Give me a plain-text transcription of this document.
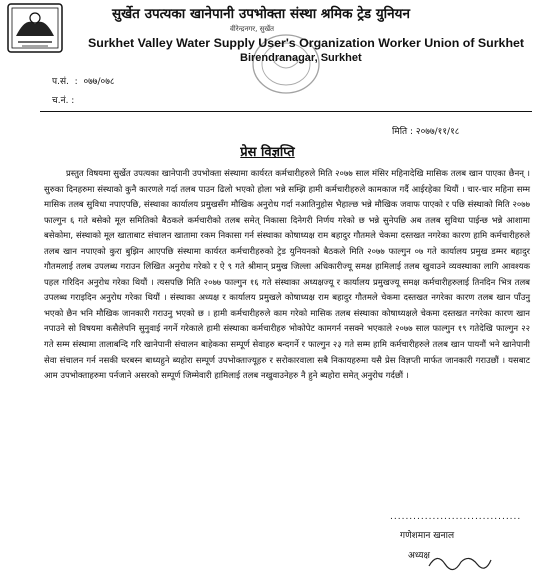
सुर्खेत उपत्यका खानेपानी उपभोक्ता संस्था श्रमिक ट्रेड युनियन
वीरेन्द्रनगर, सुर्खेत
Surkhet Valley Water Supply User's Organization Worker Union of Surkhet
Birendranagar, Surkhet
प.सं.  :  ०७७/०७८
च.नं. :
मिति : २०७७/११/१८
प्रेस विज्ञप्ति

प्रस्तुत विषयमा सुर्खेत उपत्यका खानेपानी उपभोक्ता संस्थामा कार्यरत कर्मचारीहरुले मिति २०७७ साल मंसिर महिनादेखि मासिक तलब खान पाएका छैनन् । सुरुका दिनहरुमा संस्थाको कुनै कारणले गर्दा तलब पाउन ढिलो भएको होला भन्ने सम्झि हामी कर्मचारीहरुले कामकाज गर्दै आईरहेका थियौं । चार-चार महिना सम्म मासिक तलब सुविधा नपाएपछि, संस्थाका कार्यालय प्रमुखसँग मौखिक अनुरोध गर्दा नआतिनुहोस भैहाल्छ भन्ने मौखिक जवाफ पाएको र पछि संस्थाको मिति २०७७ फाल्गुन ६ गते बसेको मूल समितिको बैठकले कर्मचारीको तलब समेत् निकासा दिनेगरी निर्णय गरेको छ भन्ने सुनेपछि अब तलब सुविधा पाईन्छ भन्ने आशामा बसेकोमा, संस्थाको मूल खाताबाट संचालन खातामा रकम निकासा गर्न संस्थाका कोषाध्यक्ष राम बहादुर गौतमले चेकमा दस्तखत नगरेका कारण हामि कर्मचारीहरुले तलब खान नपाएको कुरा बुझिन आएपछि संस्थामा कार्यरत कर्मचारीहरुको ट्रेड युनियनको बैठकले मिति २०७७ फाल्गुन ०७ गते कार्यालय प्रमुख डम्मर बहादुर गौतमलाई तलब उपलब्ध गराउन लिखित अनुरोध गरेको र ऐ ९ गते श्रीमान् प्रमुख जिल्ला अधिकारीज्यू समक्ष हामिलाई तलब खुवाउने व्यवस्थाका लागि आवश्यक पहल गरिदिन अनुरोध गरेका थियौं । त्यसपछि मिति २०७७ फाल्गुन १६ गते संस्थाका अध्यक्षज्यू र कार्यालय प्रमुखज्यू समक्ष कर्मचारीहरुलाई तिनदिन भित्र तलब उपलब्ध गराइदिन अनुरोध गरेका थियौं । संस्थाका अध्यक्ष र कार्यालय प्रमुखले कोषाध्यक्ष राम बहादुर गौतमले चेकमा दस्तखत नगरेका कारण तलब खान पाँउनु भएको छैन भनि मौखिक जानकारी गराउनु भएको छ । हामी कर्मचारीहरुले काम गरेको मासिक तलब संस्थाका कोषाध्यक्षले चेकमा दस्तखत नगरेका कारण खान नपाउने सो विषयमा कसैलेपनि सुनुवाई नगर्ने गरेकाले हामी संस्थाका कर्मचारीहरु भोकोपेट कामगर्न नसक्ने भएकाले २०७७ साल फाल्गुन १९ गतेदेखि फाल्गुन २२ गते सम्म संस्थामा तालाबन्दि गरि खानेपानी संचालन बाहेकका सम्पूर्ण सेवाहरु बन्दगर्ने र फाल्गुन २३ गते सम्म हामि कर्मचारीहरुले तलब खान पायनौं भने खानेपानी सेवा संचालन गर्न नसकी घरबस्न बाध्यहुने ब्यहोरा सम्पूर्ण उपभोक्ताज्यूहरु र सरोकारवाला सबै निकायहरुमा यसै प्रेस विज्ञप्ती मार्फत जानकारी गराउछौं । यसबाट आम उपभोक्ताहरुमा पर्नजाने असरको सम्पूर्ण जिम्मेवारी हामिलाई तलब नखुवाउनेहरु नै हुने ब्यहोरा समेत् अनुरोध गर्दछौं ।

..................................
गणेशमान खनाल
अध्यक्ष
